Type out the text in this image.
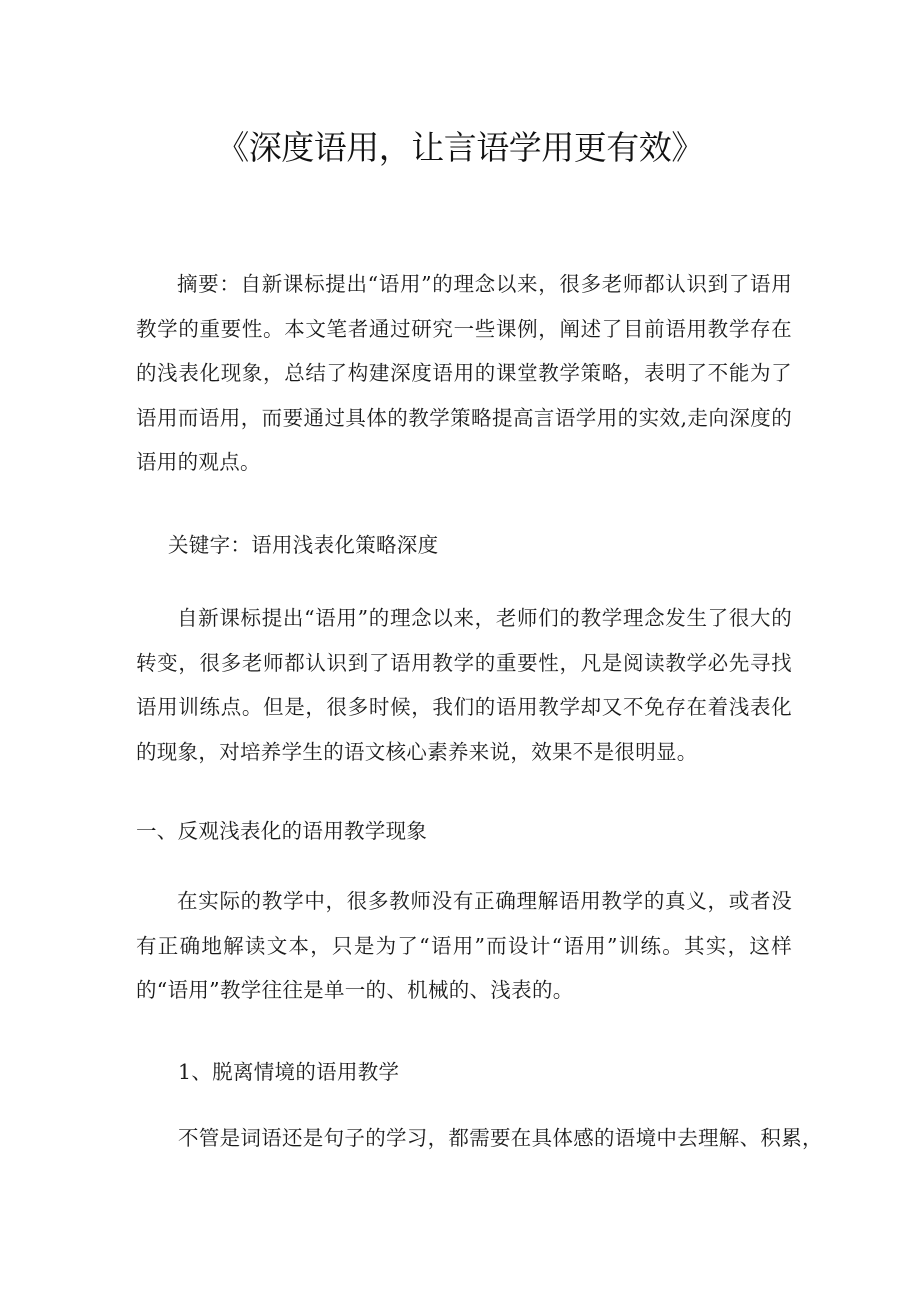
《深度语用，让言语学用更有效》

摘要：自新课标提出“语用”的理念以来，很多老师都认识到了语用教学的重要性。本文笔者通过研究一些课例，阐述了目前语用教学存在的浅表化现象，总结了构建深度语用的课堂教学策略，表明了不能为了语用而语用，而要通过具体的教学策略提高言语学用的实效,走向深度的语用的观点。

关键字：语用浅表化策略深度

自新课标提出“语用”的理念以来，老师们的教学理念发生了很大的转变，很多老师都认识到了语用教学的重要性，凡是阅读教学必先寻找语用训练点。但是，很多时候，我们的语用教学却又不免存在着浅表化的现象，对培养学生的语文核心素养来说，效果不是很明显。

一、反观浅表化的语用教学现象

在实际的教学中，很多教师没有正确理解语用教学的真义，或者没有正确地解读文本，只是为了“语用”而设计“语用”训练。其实，这样的“语用”教学往往是单一的、机械的、浅表的。

1、脱离情境的语用教学

不管是词语还是句子的学习，都需要在具体感的语境中去理解、积累，
